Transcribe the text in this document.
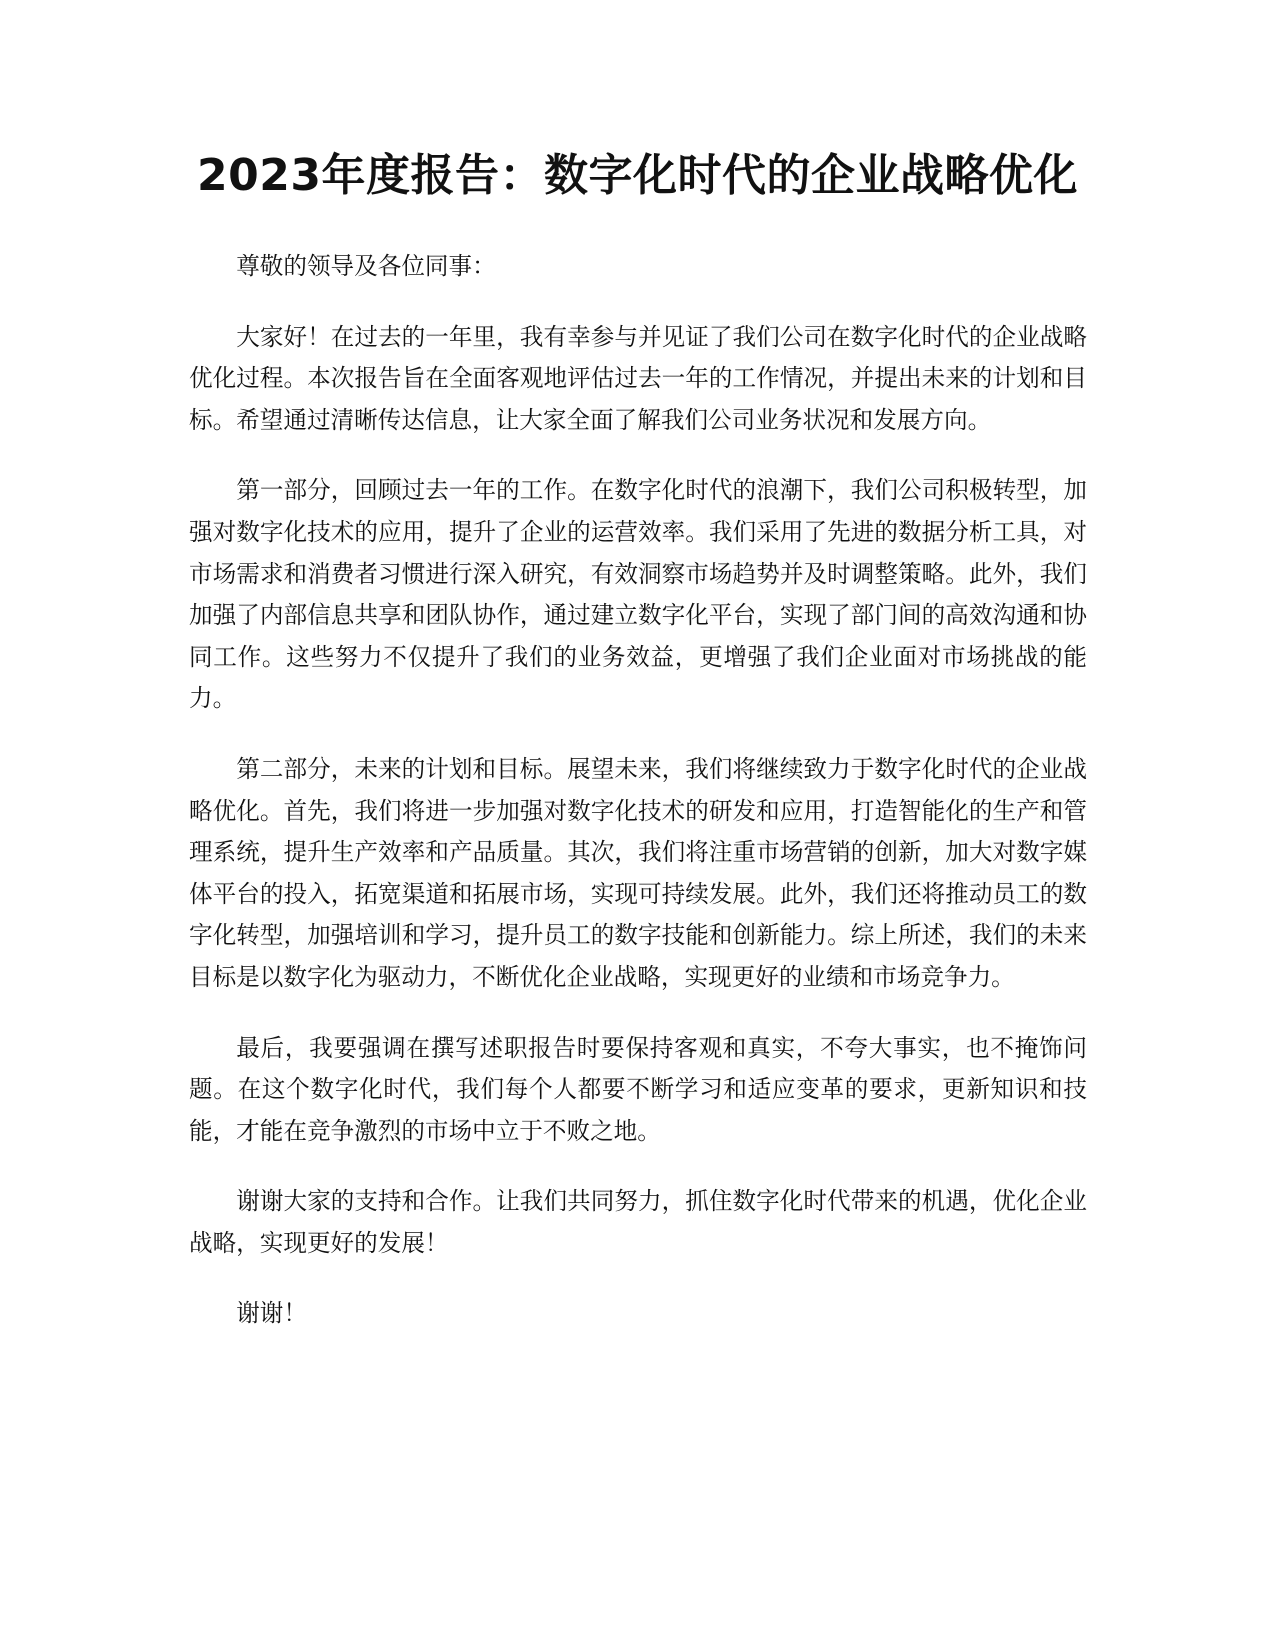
2023年度报告：数字化时代的企业战略优化

尊敬的领导及各位同事：

大家好！在过去的一年里，我有幸参与并见证了我们公司在数字化时代的企业战略优化过程。本次报告旨在全面客观地评估过去一年的工作情况，并提出未来的计划和目标。希望通过清晰传达信息，让大家全面了解我们公司业务状况和发展方向。

第一部分，回顾过去一年的工作。在数字化时代的浪潮下，我们公司积极转型，加强对数字化技术的应用，提升了企业的运营效率。我们采用了先进的数据分析工具，对市场需求和消费者习惯进行深入研究，有效洞察市场趋势并及时调整策略。此外，我们加强了内部信息共享和团队协作，通过建立数字化平台，实现了部门间的高效沟通和协同工作。这些努力不仅提升了我们的业务效益，更增强了我们企业面对市场挑战的能力。

第二部分，未来的计划和目标。展望未来，我们将继续致力于数字化时代的企业战略优化。首先，我们将进一步加强对数字化技术的研发和应用，打造智能化的生产和管理系统，提升生产效率和产品质量。其次，我们将注重市场营销的创新，加大对数字媒体平台的投入，拓宽渠道和拓展市场，实现可持续发展。此外，我们还将推动员工的数字化转型，加强培训和学习，提升员工的数字技能和创新能力。综上所述，我们的未来目标是以数字化为驱动力，不断优化企业战略，实现更好的业绩和市场竞争力。

最后，我要强调在撰写述职报告时要保持客观和真实，不夸大事实，也不掩饰问题。在这个数字化时代，我们每个人都要不断学习和适应变革的要求，更新知识和技能，才能在竞争激烈的市场中立于不败之地。

谢谢大家的支持和合作。让我们共同努力，抓住数字化时代带来的机遇，优化企业战略，实现更好的发展！

谢谢！
